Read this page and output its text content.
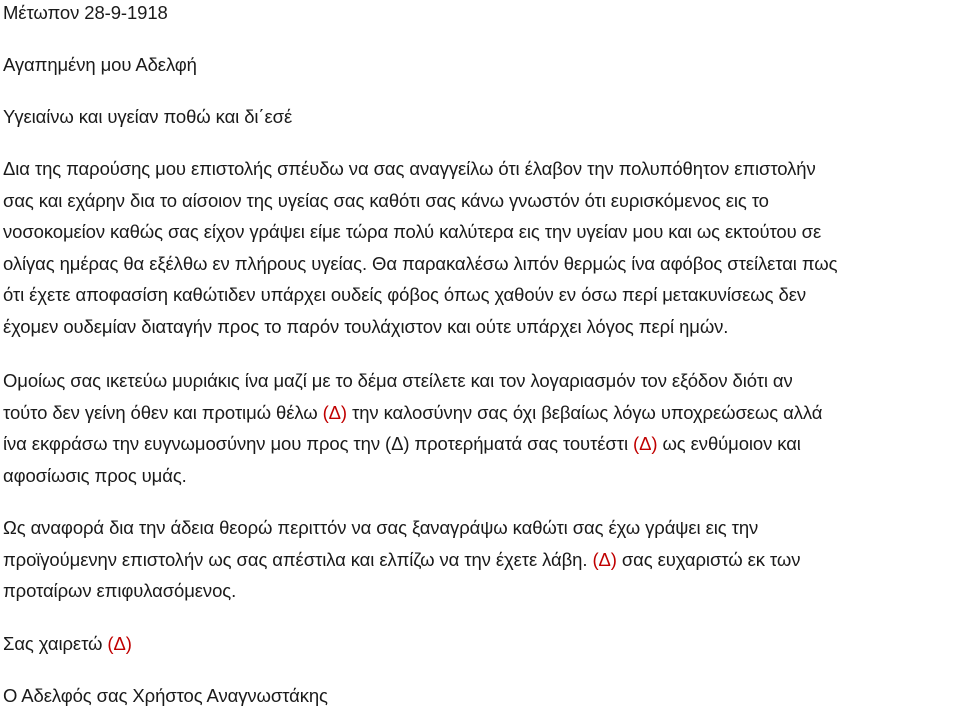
Μέτωπον 28-9-1918
Αγαπημένη μου Αδελφή
Υγειαίνω και υγείαν ποθώ και δι΄εσέ
Δια της παρούσης μου επιστολής σπέυδω να σας αναγγείλω ότι έλαβον την πολυπόθητον επιστολήν
σας και εχάρην δια το αίσοιον της υγείας σας καθότι σας κάνω γνωστόν ότι ευρισκόμενος εις το
νοσοκομείον καθώς σας είχον γράψει είμε τώρα πολύ καλύτερα εις την υγείαν μου και ως εκτούτου σε
ολίγας ημέρας θα εξέλθω εν πλήρους υγείας. Θα παρακαλέσω λιπόν θερμώς ίνα αφόβος στείλεται πως
ότι έχετε αποφασίση καθώτιδεν υπάρχει ουδείς φόβος όπως χαθούν εν όσω περί μετακυνίσεως δεν
έχομεν ουδεμίαν διαταγήν προς το παρόν τουλάχιστον και ούτε υπάρχει λόγος περί ημών.
Ομοίως σας ικετεύω μυριάκις ίνα μαζί με το δέμα στείλετε και τον λογαριασμόν τον εξόδον διότι αν
τούτο δεν γείνη όθεν και προτιμώ θέλω (Δ) την καλοσύνην σας όχι βεβαίως λόγω υποχρεώσεως αλλά
ίνα εκφράσω την ευγνωμοσύνην μου προς την (Δ) προτερήματά σας τουτέστι (Δ) ως ενθύμοιον και
αφοσίωσις προς υμάς.
Ως αναφορά δια την άδεια θεορώ περιττόν να σας ξαναγράψω καθώτι σας έχω γράψει εις την
προϊγούμενην επιστολήν ως σας απέστιλα και ελπίζω να την έχετε λάβη. (Δ) σας ευχαριστώ εκ των
προταίρων επιφυλασόμενος.
Σας χαιρετώ (Δ)
Ο Αδελφός σας Χρήστος Αναγνωστάκης
